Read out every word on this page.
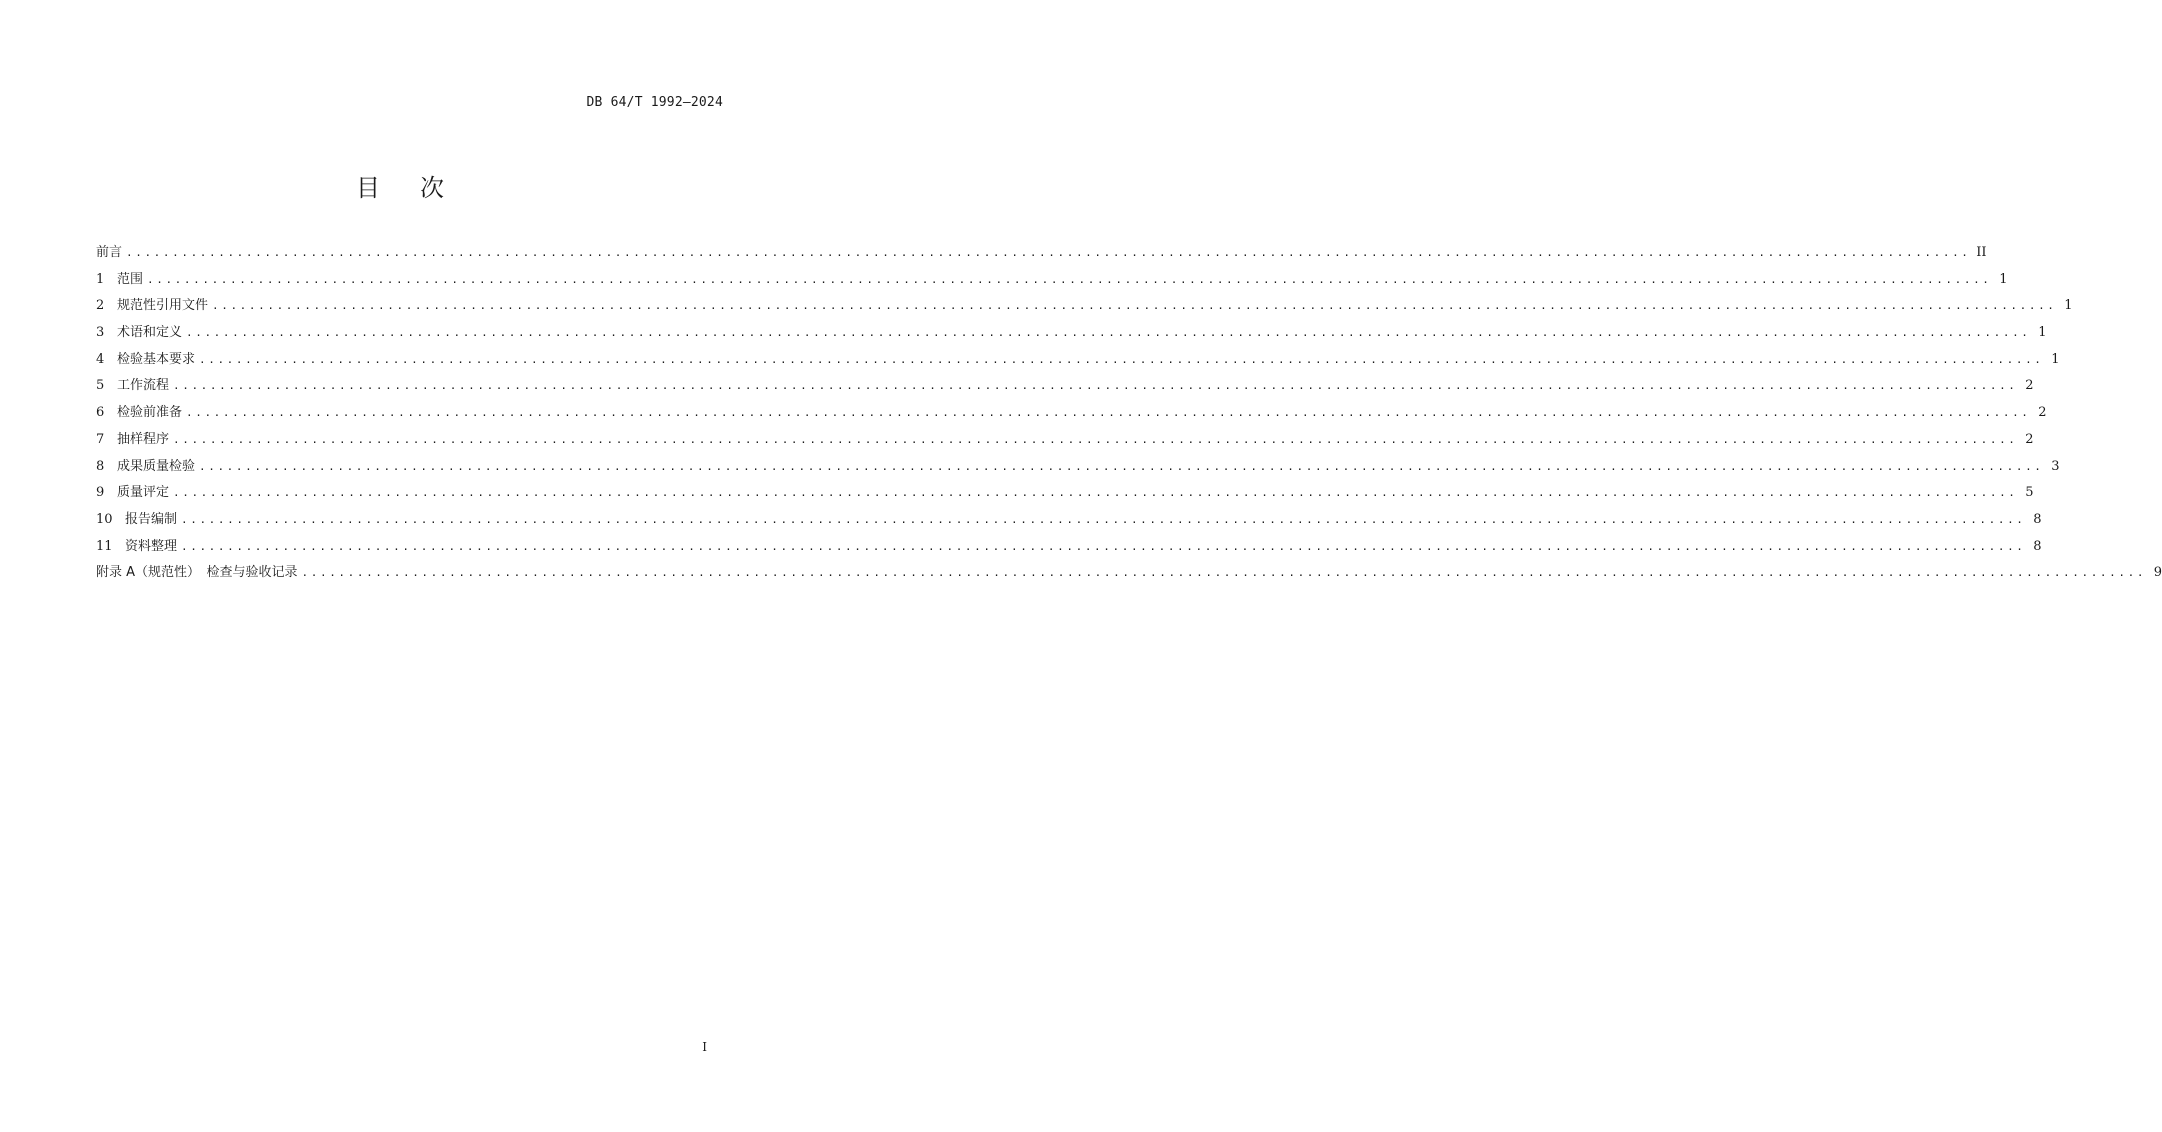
DB 64/T 1992—2024
目 次
前言 ........................................................................................................................................................................................................ II
1 范围 ........................................................................................................................................................................................................ 1
2 规范性引用文件 ........................................................................................................................................................................................................ 1
3 术语和定义 ........................................................................................................................................................................................................ 1
4 检验基本要求 ........................................................................................................................................................................................................ 1
5 工作流程 ........................................................................................................................................................................................................ 2
6 检验前准备 ........................................................................................................................................................................................................ 2
7 抽样程序 ........................................................................................................................................................................................................ 2
8 成果质量检验 ........................................................................................................................................................................................................ 3
9 质量评定 ........................................................................................................................................................................................................ 5
10 报告编制 ........................................................................................................................................................................................................ 8
11 资料整理 ........................................................................................................................................................................................................ 8
附录 A（规范性）　检查与验收记录 ........................................................................................................................................................................................................ 9
I
